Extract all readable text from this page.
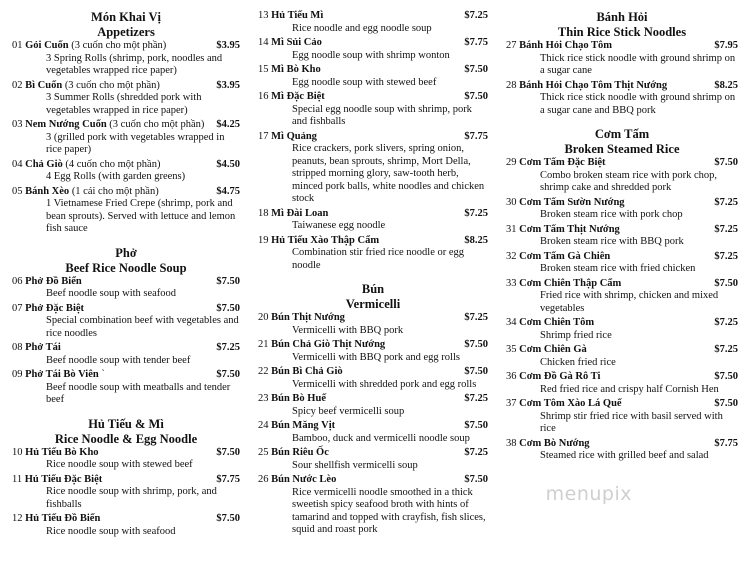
Món Khai Vị
Appetizers
01 Gỏi Cuốn (3 cuốn cho một phần)	$3.95
3 Spring Rolls (shrimp, pork, noodles and vegetables wrapped rice paper)
02 Bì Cuốn (3 cuốn cho một phần)	$3.95
3 Summer Rolls (shredded pork with vegetables wrapped in rice paper)
03 Nem Nướng Cuốn (3 cuốn cho một phần) $4.25
3 (grilled pork with vegetables wrapped in rice paper)
04 Chả Giò (4 cuốn cho một phần)	$4.50
4 Egg Rolls (with garden greens)
05 Bánh Xèo (1 cái cho một phần)	$4.75
1 Vietnamese Fried Crepe (shrimp, pork and bean sprouts). Served with lettuce and lemon fish sauce
Phở
Beef Rice Noodle Soup
06 Phở Đồ Biển	$7.50
Beef noodle soup with seafood
07 Phở Đặc Biệt	$7.50
Special combination beef with vegetables and rice noodles
08 Phở Tái	$7.25
Beef noodle soup with tender beef
09 Phở Tái Bò Viên `	$7.50
Beef noodle soup with meatballs and tender beef
Hủ Tiếu & Mì
Rice Noodle & Egg Noodle
10 Hủ Tiếu Bò Kho	$7.50
Rice noodle soup with stewed beef
11 Hủ Tiếu Đặc Biệt	$7.75
Rice noodle soup with shrimp, pork, and fishballs
12 Hủ Tiếu Đồ Biển	$7.50
Rice noodle soup with seafood
13 Hủ Tiếu Mì	$7.25
Rice noodle and egg noodle soup
14 Mì Sủi Cảo	$7.75
Egg noodle soup with shrimp wonton
15 Mì Bò Kho	$7.50
Egg noodle soup with stewed beef
16 Mì Đặc Biệt	$7.50
Special egg noodle soup with shrimp, pork and fishballs
17 Mì Quảng	$7.75
Rice crackers, pork slivers, spring onion, peanuts, bean sprouts, shrimp, Mort Della, stripped morning glory, saw-tooth herb, minced pork balls, white noodles and chicken stock
18 Mì Đài Loan	$7.25
Taiwanese egg noodle
19 Hủ Tiếu Xào Thập Cẩm	$8.25
Combination stir fried rice noodle or egg noodle
Bún
Vermicelli
20 Bún Thịt Nướng	$7.25
Vermicelli with BBQ pork
21 Bún Chả Giò Thịt Nướng	$7.50
Vermicelli with BBQ pork and egg rolls
22 Bún Bì Chả Giò	$7.50
Vermicelli with shredded pork and egg rolls
23 Bún Bò Huế	$7.25
Spicy beef vermicelli soup
24 Bún Măng Vịt	$7.50
Bamboo, duck and vermicelli noodle soup
25 Bún Riêu Ốc	$7.25
Sour shellfish vermicelli soup
26 Bún Nước Lèo	$7.50
Rice vermicelli noodle smoothed in a thick sweetish spicy seafood broth with hints of tamarind and topped with crayfish, fish slices, squid and roast pork
Bánh Hỏi
Thin Rice Stick Noodles
27 Bánh Hỏi Chạo Tôm	$7.95
Thick rice stick noodle with ground shrimp on a sugar cane
28 Bánh Hỏi Chạo Tôm Thịt Nướng	$8.25
Thick rice stick noodle with ground shrimp on a sugar cane and BBQ pork
Cơm Tấm
Broken Steamed Rice
29 Cơm Tấm Đặc Biệt	$7.50
Combo broken steam rice with pork chop, shrimp cake and shredded pork
30 Cơm Tấm Sườn Nướng	$7.25
Broken steam rice with pork chop
31 Cơm Tấm Thịt Nướng	$7.25
Broken steam rice with BBQ pork
32 Cơm Tấm Gà Chiên	$7.25
Broken steam rice with fried chicken
33 Cơm Chiên Thập Cẩm	$7.50
Fried rice with shrimp, chicken and mixed vegetables
34 Cơm Chiên Tôm	$7.25
Shrimp fried rice
35 Cơm Chiên Gà	$7.25
Chicken fried rice
36 Cơm Đồ Gà Rô Ti	$7.50
Red fried rice and crispy half Cornish Hen
37 Cơm Tôm Xào Lá Quế	$7.50
Shrimp stir fried rice with basil served with rice
38 Cơm Bò Nướng	$7.75
Steamed rice with grilled beef and salad
menupix
